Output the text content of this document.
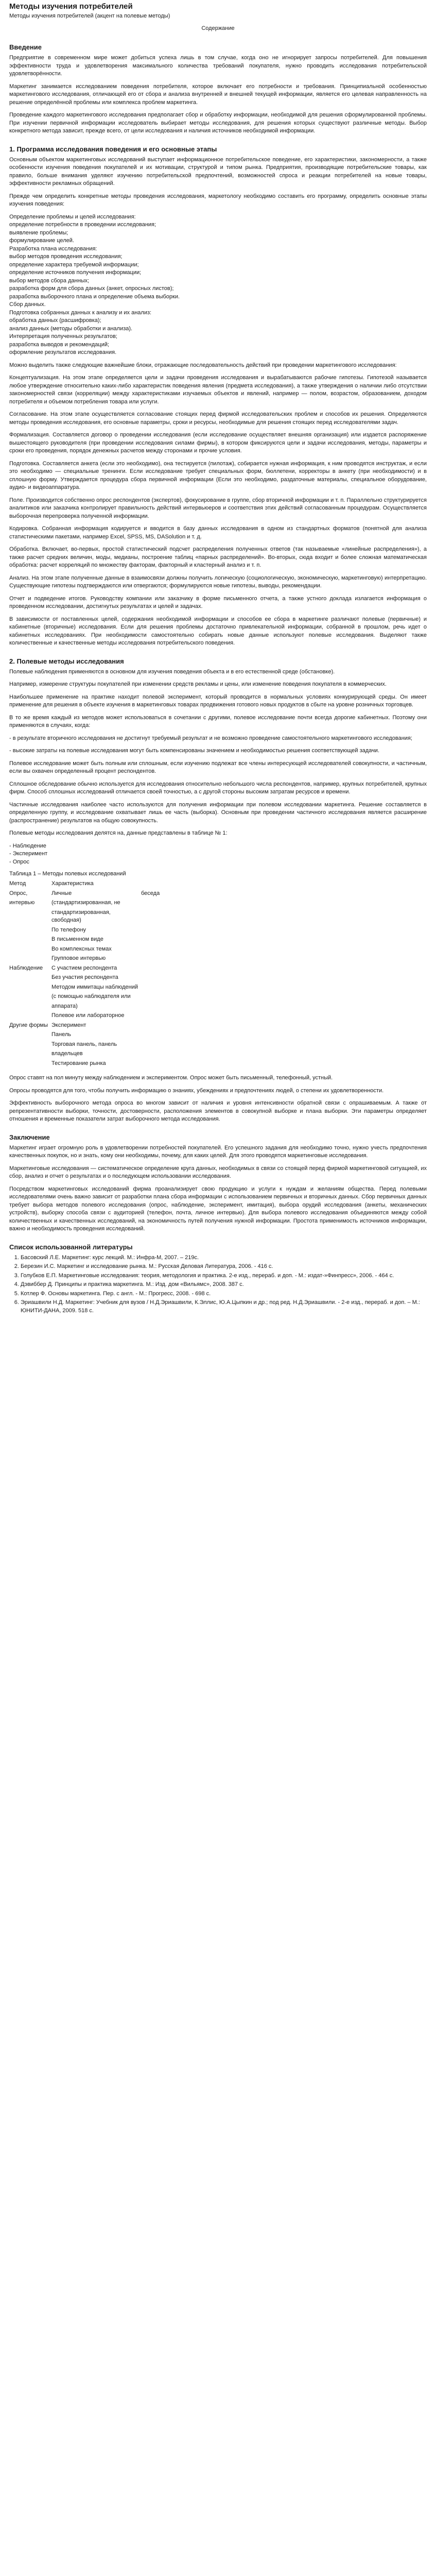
Методы изучения потребителей
Методы изучения потребителей (акцент на полевые методы)
Содержание
Введение

Предприятие в современном мире может добиться успеха лишь в том случае, когда оно не игнорирует запросы потребителей. Для повышения эффективности труда и удовлетворения максимального количества требований покупателя, нужно проводить исследования потребительской удовлетворённости.

Маркетинг занимается исследованием поведения потребителя, которое включает его потребности и требования. Принципиальной особенностью маркетингового исследования, отличающей его от сбора и анализа внутренней и внешней текущей информации, является его целевая направленность на решение определённой проблемы или комплекса проблем маркетинга.

Проведение каждого маркетингового исследования предполагает сбор и обработку информации, необходимой для решения сформулированной проблемы. При изучении первичной информации исследователь выбирает методы исследования, для решения которых существуют различные методы. Выбор конкретного метода зависит, прежде всего, от цели исследования и наличия источников необходимой информации.

1. Программа исследования поведения и его основные этапы

Основным объектом маркетинговых исследований выступает информационное потребительское поведение, его характеристики, закономерности, а также особенности изучения поведения покупателей и их мотивации, структурой и типом рынка. Предприятия, производящие потребительские товары, как правило, больше внимания уделяют изучению потребительской предпочтений, возможностей спроса и реакции потребителей на новые товары, эффективности рекламных обращений.

Прежде чем определить конкретные методы проведения исследования, маркетологу необходимо составить его программу, определить основные этапы изучения поведения:

Определение проблемы и целей исследования:
определение потребности в проведении исследования;
выявление проблемы;
формулирование целей.
Разработка плана исследования:
выбор методов проведения исследования;
определение характера требуемой информации;
определение источников получения информации;
выбор методов сбора данных;
разработка форм для сбора данных (анкет, опросных листов);
разработка выборочного плана и определение объема выборки.
Сбор данных.
Подготовка собранных данных к анализу и их анализ:
обработка данных (расшифровка);
анализ данных (методы обработки и анализа).
Интерпретация полученных результатов;
разработка выводов и рекомендаций;
оформление результатов исследования.

Можно выделить также следующие важнейшие блоки, отражающие последовательность действий при проведении маркетингового исследования:

Концептуализация. На этом этапе определяется цели и задачи проведения исследования и вырабатываются рабочие гипотезы. Гипотезой называется любое утверждение относительно каких-либо характеристик поведения явления (предмета исследования), а также утверждения о наличии либо отсутствии закономерностей связи (корреляции) между характеристиками изучаемых объектов и явлений, например — полом, возрастом, образованием, доходом потребителя и объемом потребления товара или услуги.

Согласование. На этом этапе осуществляется согласование стоящих перед фирмой исследовательских проблем и способов их решения. Определяются методы проведения исследования, его основные параметры, сроки и ресурсы, необходимые для решения стоящих перед исследователями задач.

Формализация. Составляется договор о проведении исследования (если исследование осуществляет внешняя организация) или издается распоряжение вышестоящего руководителя (при проведении исследования силами фирмы), в котором фиксируются цели и задачи исследования, методы, параметры и сроки его проведения, порядок денежных расчетов между сторонами и прочие условия.

Подготовка. Составляется анкета (если это необходимо), она тестируется (пилотаж), собирается нужная информация, к ним проводятся инструктаж, и если это необходимо — специальные тренинги. Если исследование требует специальных форм, бюллетени, корректоры в анкету (при необходимости) и в сплошную форму. Утверждается процедура сбора первичной информации (Если это необходимо, раздаточные материалы, специальное оборудование, аудио- и видеоаппаратура.

Поле. Производится собственно опрос респондентов (экспертов), фокусирование в группе, сбор вторичной информации и т. п. Параллельно структурируется аналитиков или заказчика контролирует правильность действий интервьюеров и соответствия этих действий согласованным процедурам. Осуществляется выборочная перепроверка полученной информации.

Кодировка. Собранная информация кодируется и вводится в базу данных исследования в одном из стандартных форматов (понятной для анализа статистическими пакетами, например Excel, SPSS, MS, DASolution и т. д.

Обработка. Включает, во-первых, простой статистический подсчет распределения полученных ответов (так называемые «линейные распределения»), а также расчет средних величин, моды, медианы, построение таблиц «парных распределений». Во-вторых, сюда входит и более сложная математическая обработка: расчет корреляций по множеству факторам, факторный и кластерный анализ и т. п.

Анализ. На этом этапе полученные данные в взаимосвязи должны получить логическую (социологическую, экономическую, маркетинговую) интерпретацию. Существующие гипотезы подтверждаются или отвергаются; формулируются новые гипотезы, выводы, рекомендации.

Отчет и подведение итогов. Руководству компании или заказчику в форме письменного отчета, а также устного доклада излагается информация о проведенном исследовании, достигнутых результатах и целей и задачах.

В зависимости от поставленных целей, содержания необходимой информации и способов ее сбора в маркетинге различают полевые (первичные) и кабинетные (вторичные) исследования. Если для решения проблемы достаточно привлекательной информации, собранной в прошлом, речь идет о кабинетных исследованиях. При необходимости самостоятельно собирать новые данные используют полевые исследования. Выделяют также количественные и качественные методы исследования потребительского поведения.

2. Полевые методы исследования

Полевые наблюдения применяются в основном для изучения поведения объекта и в его естественной среде (обстановке).

Например, измерение структуры покупателей при изменении средств рекламы и цены, или изменение поведения покупателя в коммерческих.

Наибольшее применение на практике находит полевой эксперимент, который проводится в нормальных условиях конкурирующей среды. Он имеет применение для решения в объекте изучения в маркетинговых товарах продвижения готового новых продуктов в сбыте на уровне розничных торговцев.

В то же время каждый из методов может использоваться в сочетании с другими, полевое исследование почти всегда дорогие кабинетных. Поэтому они применяются в случаях, когда:

- в результате вторичного исследования не достигнут требуемый результат и не возможно проведение самостоятельного маркетингового исследования;

- высокие затраты на полевые исследования могут быть компенсированы значением и необходимостью решения соответствующей задачи.

Полевое исследование может быть полным или сплошным, если изучению подлежат все члены интересующей исследователей совокупности, и частичным, если вы охвачен определенный процент респондентов.

Сплошное обследование обычно используется для исследования относительно небольшого числа респондентов, например, крупных потребителей, крупных фирм. Способ сплошных исследований отличается своей точностью, а с другой стороны высоким затратам ресурсов и времени.

Частичные исследования наиболее часто используются для получения информации при полевом исследовании маркетинга. Решение составляется в определенную группу, и исследование охватывает лишь ее часть (выборка). Основным при проведении частичного исследования является расширение (распространение) результатов на общую совокупность.

Полевые методы исследования делятся на, данные представлены в таблице № 1:

- Наблюдение
- Эксперимент
- Опрос
Таблица 1 – Методы полевых исследований
Метод	Характеристика		
Опрос,	Личные	беседа	
интервью	(стандартизированная, не		
	стандартизированная, свободная)		
	По телефону		
	В письменном виде		
	Во комплексных темах		
	Групповое интервью		
Наблюдение	С участием респондента		
	Без участия респондента		
	Методом иммитацы наблюдений		
	(с помощью наблюдателя или		
	аппарата)		
	Полевое или лабораторное		
Другие формы	Эксперимент		
	Панель		
	Торговая панель, панель		
	владельцев		
	Тестирование рынка		

Опрос ставят на пол минуту между наблюдением и экспериментом. Опрос может быть письменный, телефонный, устный.

Опросы проводятся для того, чтобы получить информацию о знаниях, убеждениях и предпочтениях людей, о степени их удовлетворенности.

Эффективность выборочного метода опроса во многом зависит от наличия и уровня интенсивности обратной связи с опрашиваемым. А также от репрезентативности выборки, точности, достоверности, расположения элементов в совокупной выборке и плана выборки. Эти параметры определяет отношения и временные показатели затрат выборочного метода исследования.

Заключение

Маркетинг играет огромную роль в удовлетворении потребностей покупателей. Его успешного задания для необходимо точно, нужно учесть предпочтения качественных покупок, но и знать, кому они необходимы, почему, для каких целей. Для этого проводятся маркетинговые исследования.

Маркетинговые исследования — систематическое определение круга данных, необходимых в связи со стоящей перед фирмой маркетинговой ситуацией, их сбор, анализ и отчет о результатах и о последующем использовании исследования.

Посредством маркетинговых исследований фирма проанализирует свою продукцию и услуги к нуждам и желаниям общества. Перед полевыми исследователями очень важно зависит от разработки плана сбора информации с использованием первичных и вторичных данных. Сбор первичных данных требует выбора методов полевого исследования (опрос, наблюдение, эксперимент, имитация), выбора орудий исследования (анкеты, механических устройств), выборку способа связи с аудиторией (телефон, почта, личное интервью). Для выбора полевого исследования объединяются между собой количественных и качественных исследований, на экономичность путей получения нужной информации. Простота применимость источников информации, важно и необходимость проведения исследований.

Список использованной литературы
1. Басовский Л.Е. Маркетинг: курс лекций. М.: Инфра-М, 2007. – 219с.
2. Березин И.С. Маркетинг и исследование рынка. М.: Русская Деловая Литература, 2006. - 416 с.
3. Голубков Е.П. Маркетинговые исследования: теория, методология и практика. 2-е изд., перераб. и доп. - М.: издат-»Финпресс», 2006. - 464 с.
4. Дэвиббер Д. Принципы и практика маркетинга. М.: Изд. дом «Вильямс», 2008. 387 с.
5. Котлер Ф. Основы маркетинга. Пер. с англ. - М.: Прогресс, 2008. - 698 с.
6. Эриашвили Н.Д. Маркетинг: Учебник для вузов / Н.Д.Эриашвили, К.Эллис, Ю.А.Цыпкин и др.; под ред. Н.Д.Эриашвили. - 2-е изд., перераб. и доп. – М.: ЮНИТИ-ДАНА, 2009. 518 с.
